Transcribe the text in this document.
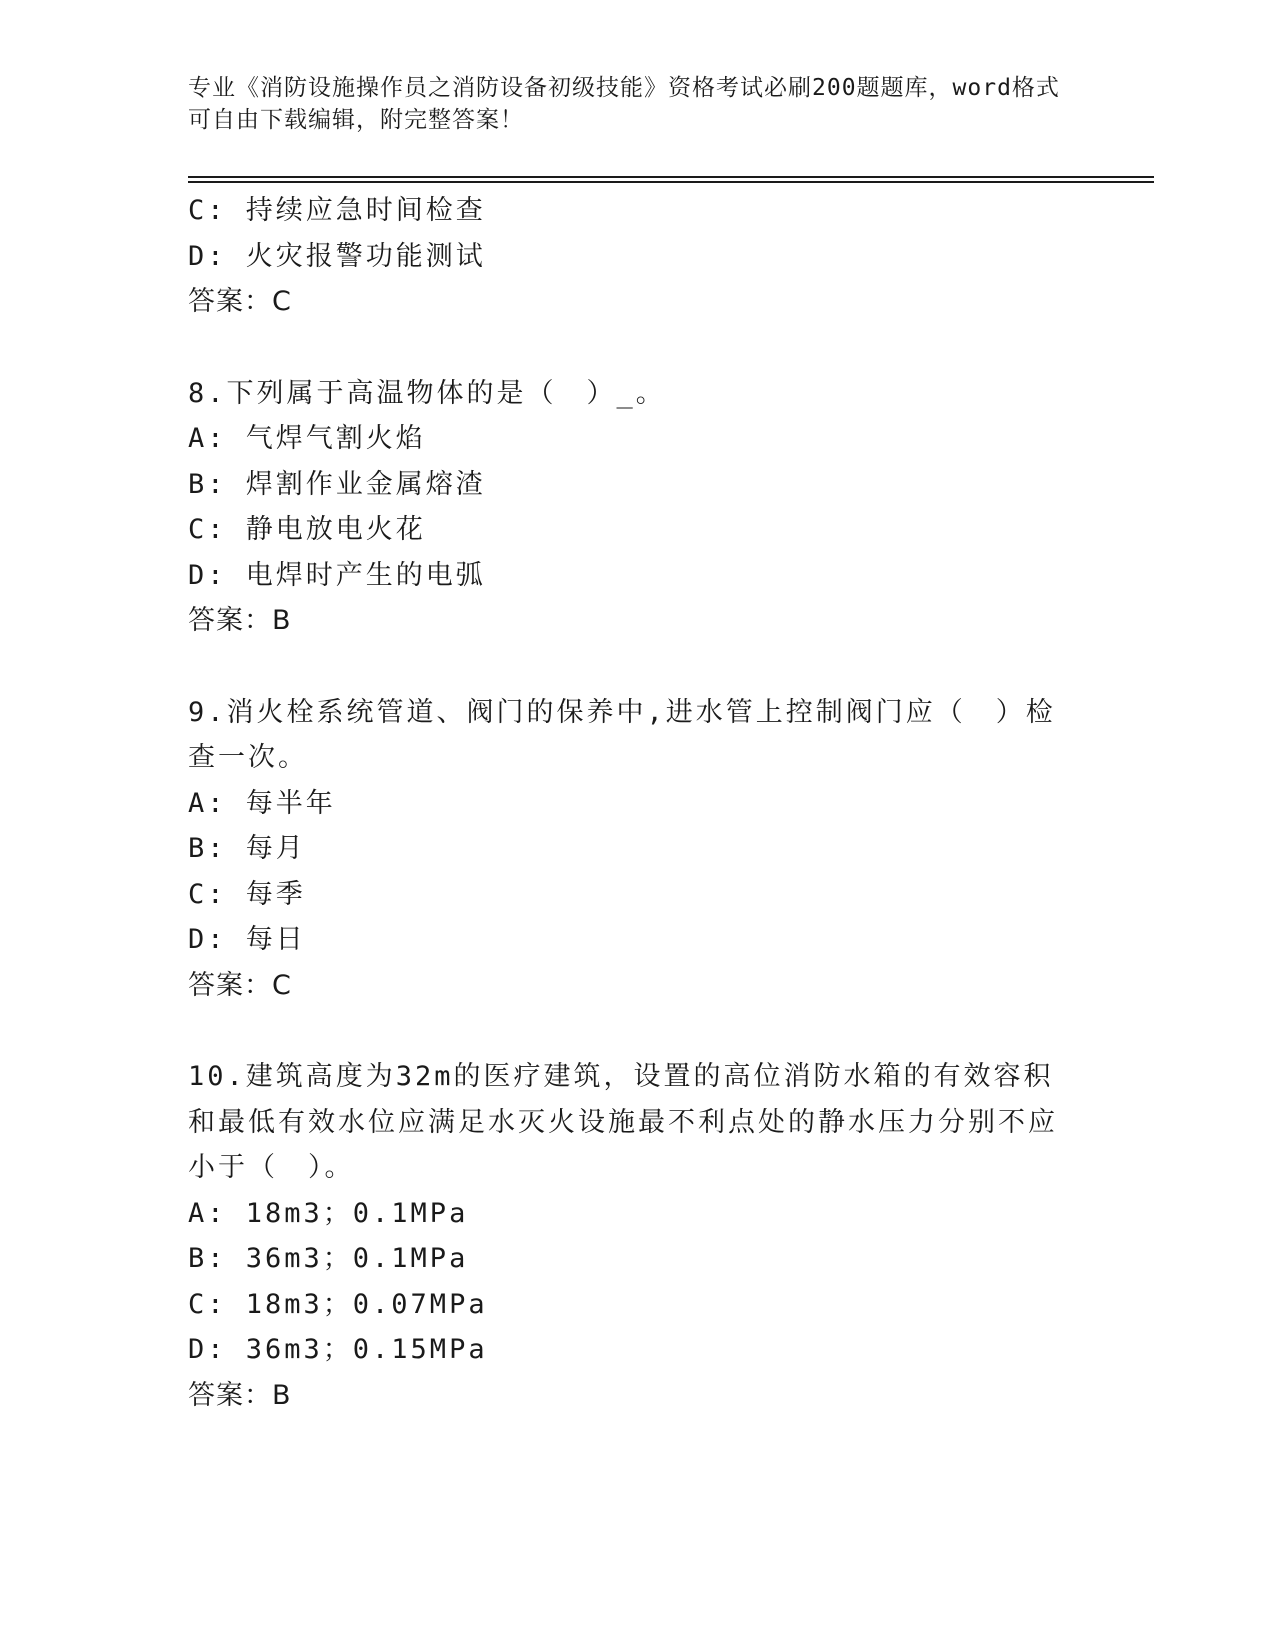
专业《消防设施操作员之消防设备初级技能》资格考试必刷200题题库，word格式可自由下载编辑，附完整答案！
C: 持续应急时间检查
D: 火灾报警功能测试
答案：C
8.下列属于高温物体的是（　）_。
A: 气焊气割火焰
B: 焊割作业金属熔渣
C: 静电放电火花
D: 电焊时产生的电弧
答案：B
9.消火栓系统管道、阀门的保养中,进水管上控制阀门应（　）检查一次。
A: 每半年
B: 每月
C: 每季
D: 每日
答案：C
10.建筑高度为32m的医疗建筑，设置的高位消防水箱的有效容积和最低有效水位应满足水灭火设施最不利点处的静水压力分别不应小于（　）。
A: 18m3；0.1MPa
B: 36m3；0.1MPa
C: 18m3；0.07MPa
D: 36m3；0.15MPa
答案：B
